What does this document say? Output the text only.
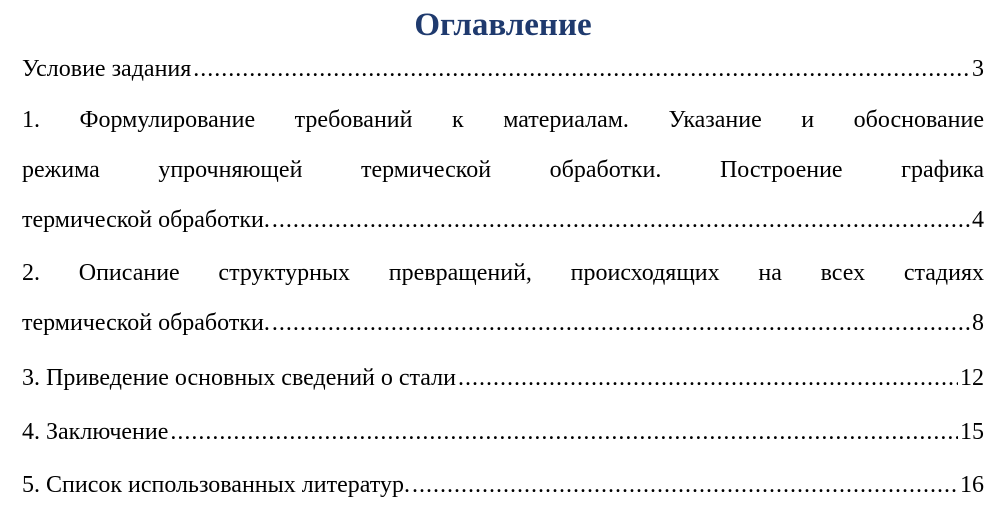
Оглавление
Условие задания .....	3
1. Формулирование требований к материалам. Указание и обоснование
режима упрочняющей термической обработки. Построение графика
термической обработки. .....	4
2. Описание структурных превращений, происходящих на всех стадиях
термической обработки. .....	8
3. Приведение основных сведений о стали .....	12
4. Заключение .....	15
5. Список использованных литератур. .....	16
